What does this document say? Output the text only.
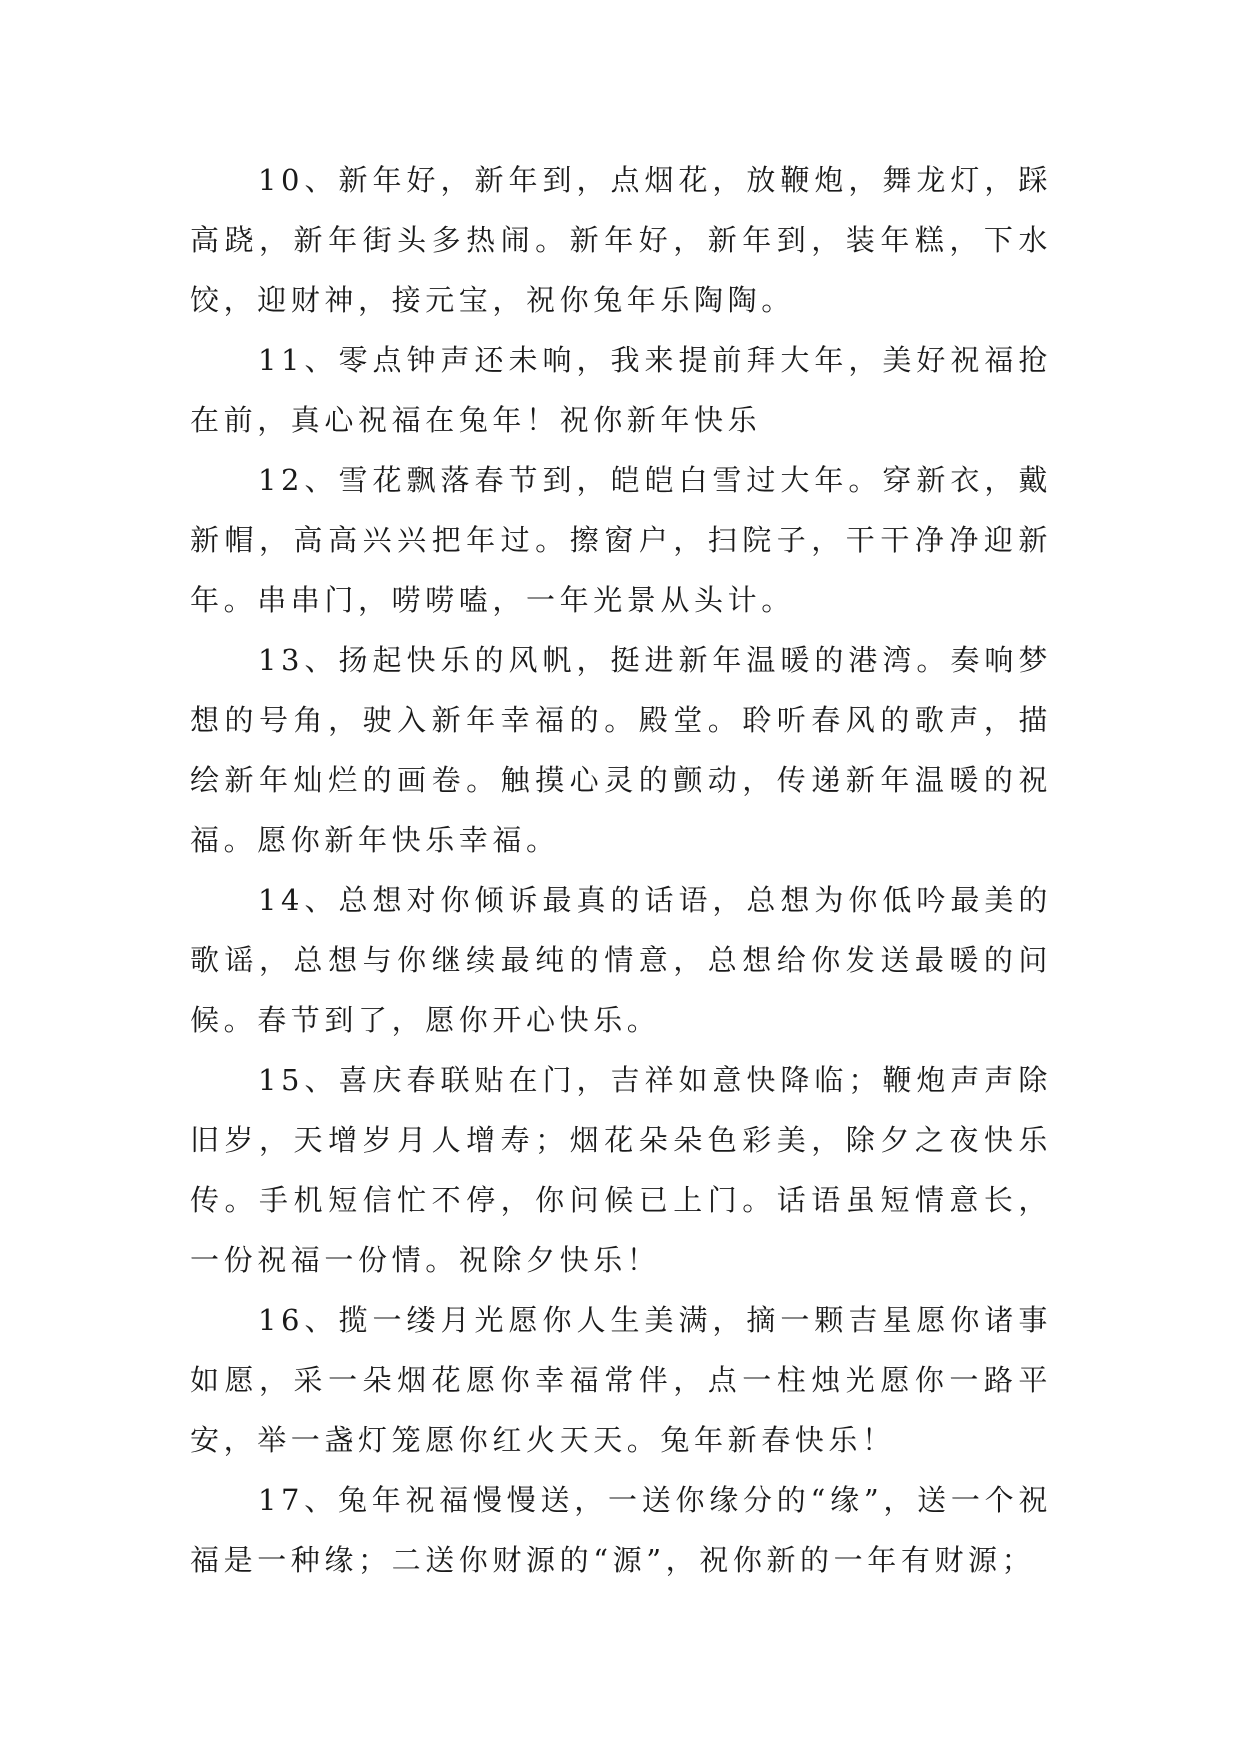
10、新年好，新年到，点烟花，放鞭炮，舞龙灯，踩高跷，新年街头多热闹。新年好，新年到，装年糕，下水饺，迎财神，接元宝，祝你兔年乐陶陶。

11、零点钟声还未响，我来提前拜大年，美好祝福抢在前，真心祝福在兔年！祝你新年快乐

12、雪花飘落春节到，皑皑白雪过大年。穿新衣，戴新帽，高高兴兴把年过。擦窗户，扫院子，干干净净迎新年。串串门，唠唠嗑，一年光景从头计。

13、扬起快乐的风帆，挺进新年温暖的港湾。奏响梦想的号角，驶入新年幸福的。殿堂。聆听春风的歌声，描绘新年灿烂的画卷。触摸心灵的颤动，传递新年温暖的祝福。愿你新年快乐幸福。

14、总想对你倾诉最真的话语，总想为你低吟最美的歌谣，总想与你继续最纯的情意，总想给你发送最暖的问候。春节到了，愿你开心快乐。

15、喜庆春联贴在门，吉祥如意快降临；鞭炮声声除旧岁，天增岁月人增寿；烟花朵朵色彩美，除夕之夜快乐传。手机短信忙不停，你问候已上门。话语虽短情意长，一份祝福一份情。祝除夕快乐！

16、揽一缕月光愿你人生美满，摘一颗吉星愿你诸事如愿，采一朵烟花愿你幸福常伴，点一柱烛光愿你一路平安，举一盏灯笼愿你红火天天。兔年新春快乐！

17、兔年祝福慢慢送，一送你缘分的“缘”，送一个祝福是一种缘；二送你财源的“源”，祝你新的一年有财源；
